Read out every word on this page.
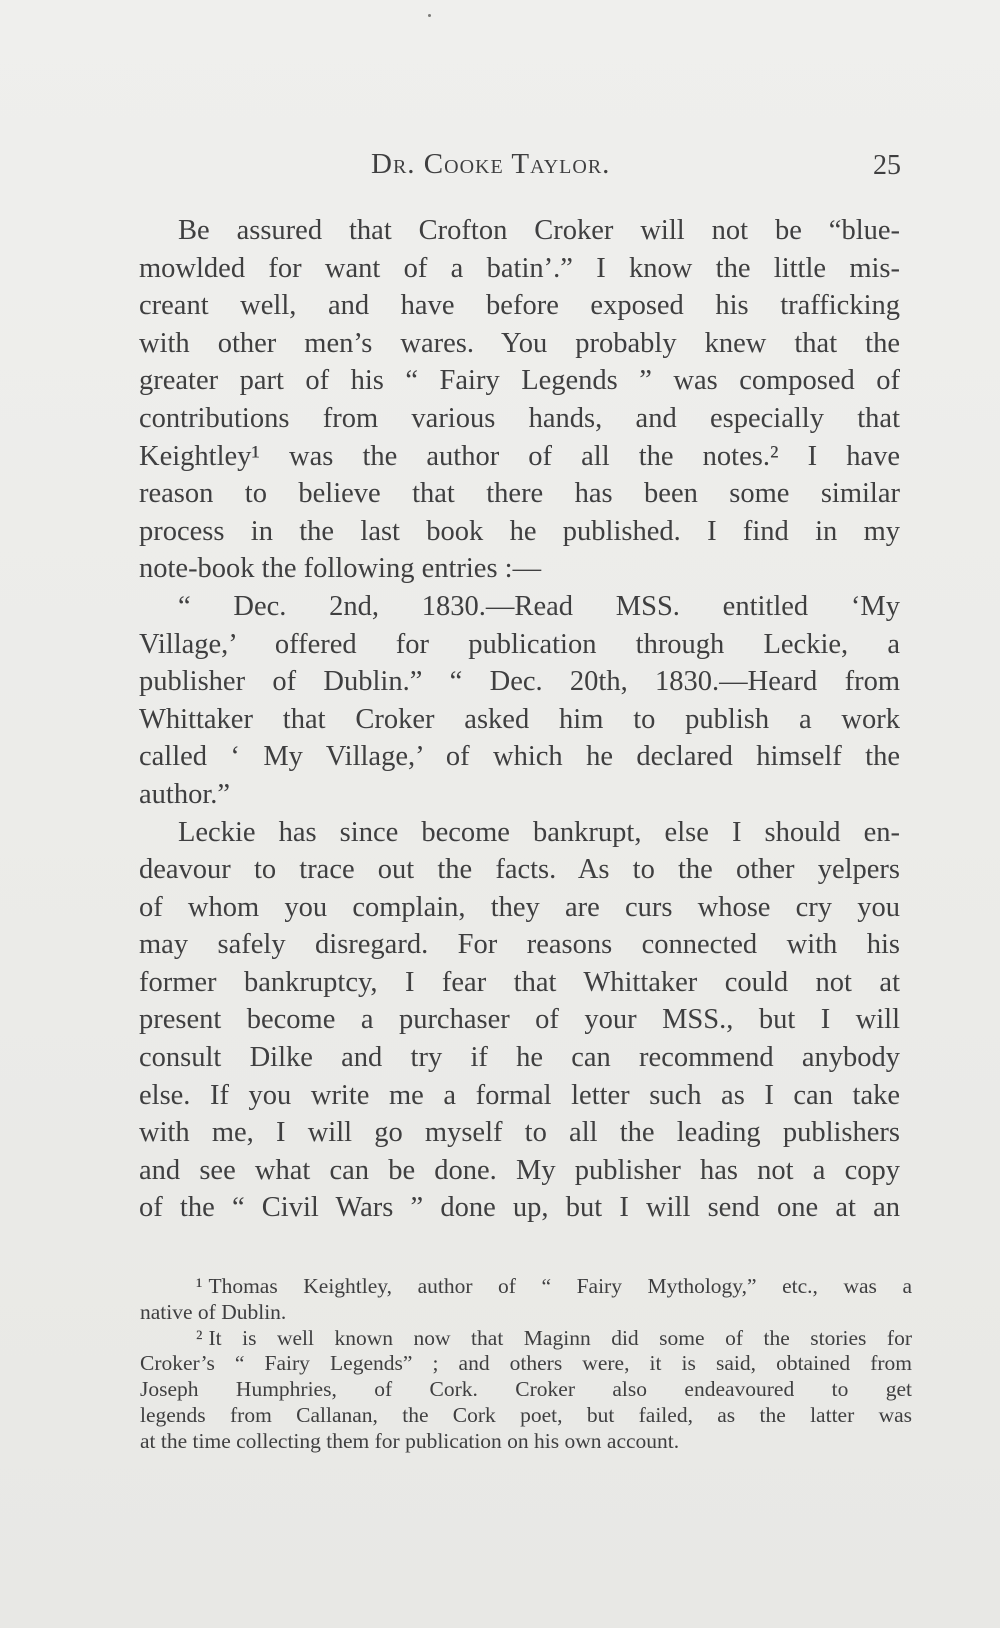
Dr. Cooke Taylor.	25
Be assured that Crofton Croker will not be “blue-
mowlded for want of a batin’.” I know the little mis-
creant well, and have before exposed his trafficking
with other men’s wares. You probably knew that the
greater part of his “ Fairy Legends ” was composed of
contributions from various hands, and especially that
Keightley¹ was the author of all the notes.² I have
reason to believe that there has been some similar
process in the last book he published. I find in my
note-book the following entries :—
“ Dec. 2nd, 1830.—Read MSS. entitled ‘My
Village,’ offered for publication through Leckie, a
publisher of Dublin.” “ Dec. 20th, 1830.—Heard from
Whittaker that Croker asked him to publish a work
called ‘ My Village,’ of which he declared himself the
author.”
Leckie has since become bankrupt, else I should en-
deavour to trace out the facts. As to the other yelpers
of whom you complain, they are curs whose cry you
may safely disregard. For reasons connected with his
former bankruptcy, I fear that Whittaker could not at
present become a purchaser of your MSS., but I will
consult Dilke and try if he can recommend anybody
else. If you write me a formal letter such as I can take
with me, I will go myself to all the leading publishers
and see what can be done. My publisher has not a copy
of the “ Civil Wars ” done up, but I will send one at an
¹ Thomas Keightley, author of “ Fairy Mythology,” etc., was a
native of Dublin.
² It is well known now that Maginn did some of the stories for
Croker’s “ Fairy Legends” ; and others were, it is said, obtained from
Joseph Humphries, of Cork. Croker also endeavoured to get
legends from Callanan, the Cork poet, but failed, as the latter was
at the time collecting them for publication on his own account.
